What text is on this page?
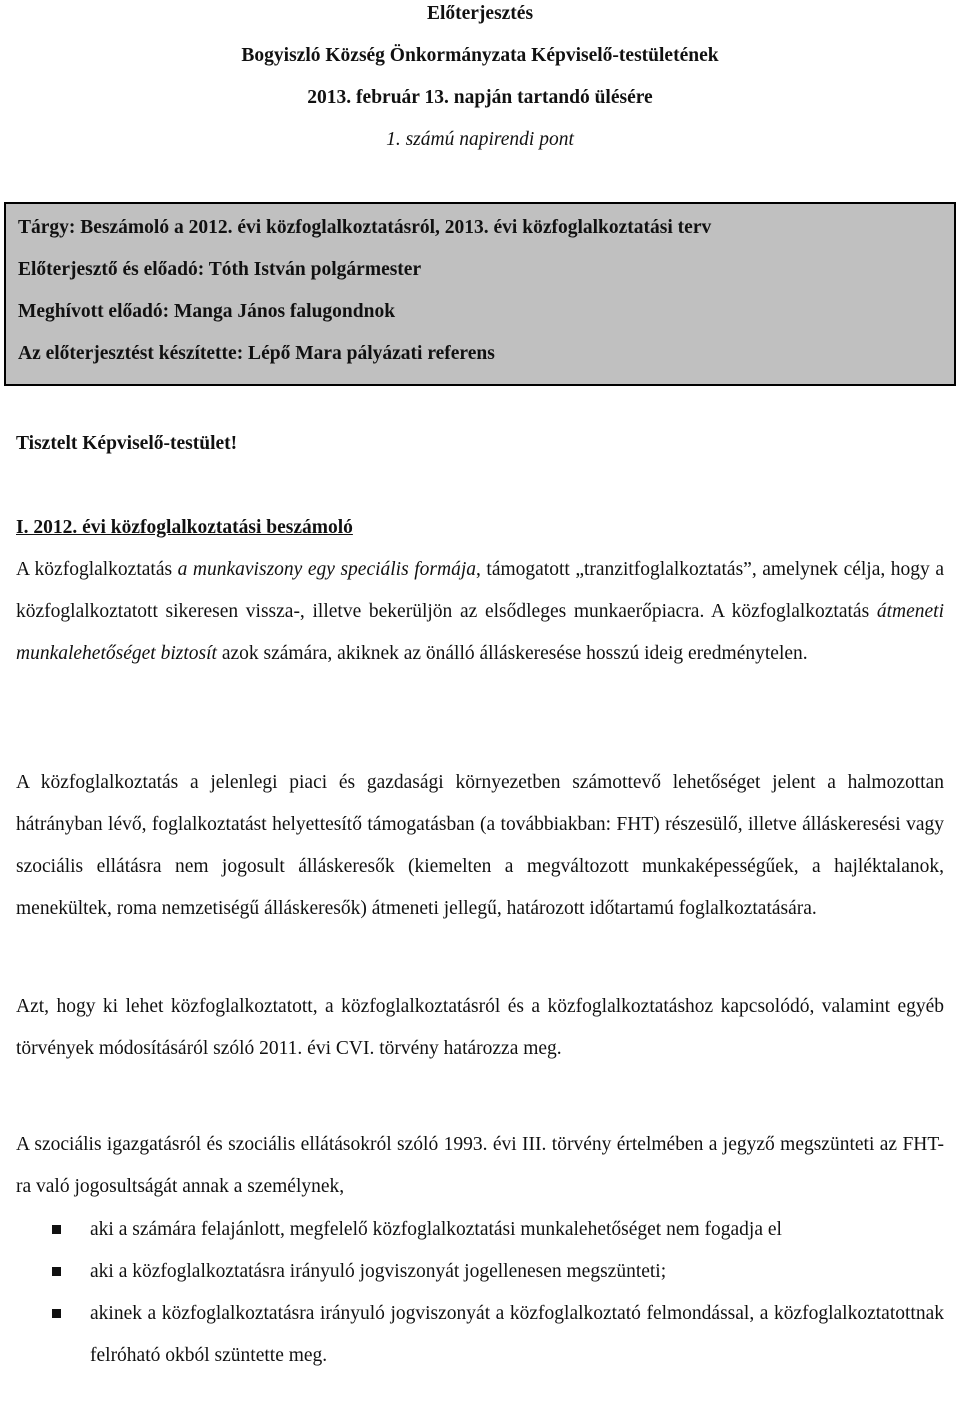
Előterjesztés
Bogyiszló Község Önkormányzata Képviselő-testületének
2013. február 13. napján tartandó ülésére
1. számú napirendi pont
Tárgy: Beszámoló a 2012. évi közfoglalkoztatásról, 2013. évi közfoglalkoztatási terv
Előterjesztő és előadó: Tóth István polgármester
Meghívott előadó: Manga János falugondnok
Az előterjesztést készítette: Lépő Mara pályázati referens
Tisztelt Képviselő-testület!
I. 2012. évi közfoglalkoztatási beszámoló
A közfoglalkoztatás a munkaviszony egy speciális formája, támogatott „tranzitfoglalkoztatás”, amelynek célja, hogy a közfoglalkoztatott sikeresen vissza-, illetve bekerüljön az elsődleges munkaerőpiacra. A közfoglalkoztatás átmeneti munkalehetőséget biztosít azok számára, akiknek az önálló álláskeresése hosszú ideig eredménytelen.
A közfoglalkoztatás a jelenlegi piaci és gazdasági környezetben számottevő lehetőséget jelent a halmozottan hátrányban lévő, foglalkoztatást helyettesítő támogatásban (a továbbiakban: FHT) részesülő, illetve álláskeresési vagy szociális ellátásra nem jogosult álláskeresők (kiemelten a megváltozott munkaképességűek, a hajléktalanok, menekültek, roma nemzetiségű álláskeresők) átmeneti jellegű, határozott időtartamú foglalkoztatására.
Azt, hogy ki lehet közfoglalkoztatott, a közfoglalkoztatásról és a közfoglalkoztatáshoz kapcsolódó, valamint egyéb törvények módosításáról szóló 2011. évi CVI. törvény határozza meg.
A szociális igazgatásról és szociális ellátásokról szóló 1993. évi III. törvény értelmében a jegyző megszünteti az FHT-ra való jogosultságát annak a személynek,
aki a számára felajánlott, megfelelő közfoglalkoztatási munkalehetőséget nem fogadja el
aki a közfoglalkoztatásra irányuló jogviszonyát jogellenesen megszünteti;
akinek a közfoglalkoztatásra irányuló jogviszonyát a közfoglalkoztató felmondással, a közfoglalkoztatottnak felróható okból szüntette meg.
